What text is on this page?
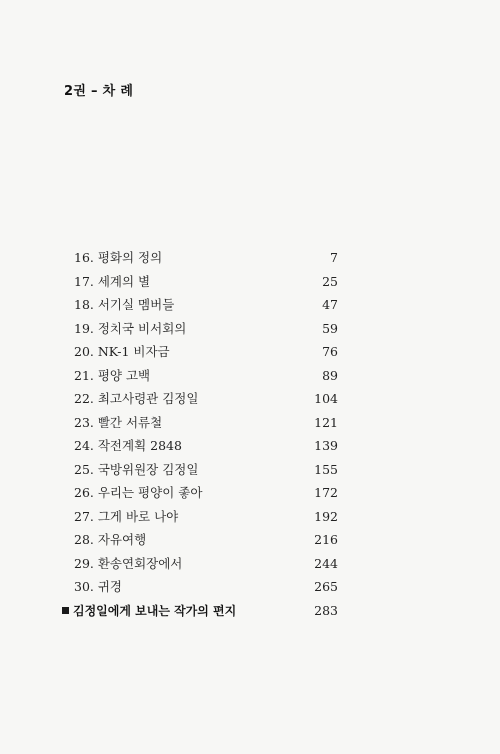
2권 – 차 례
16. 평화의 정의	7
17. 세계의 별	25
18. 서기실 멤버들	47
19. 정치국 비서회의	59
20. NK-1 비자금	76
21. 평양 고백	89
22. 최고사령관 김정일	104
23. 빨간 서류철	121
24. 작전계획 2848	139
25. 국방위원장 김정일	155
26. 우리는 평양이 좋아	172
27. 그게 바로 나야	192
28. 자유여행	216
29. 환송연회장에서	244
30. 귀경	265
김정일에게 보내는 작가의 편지	283
